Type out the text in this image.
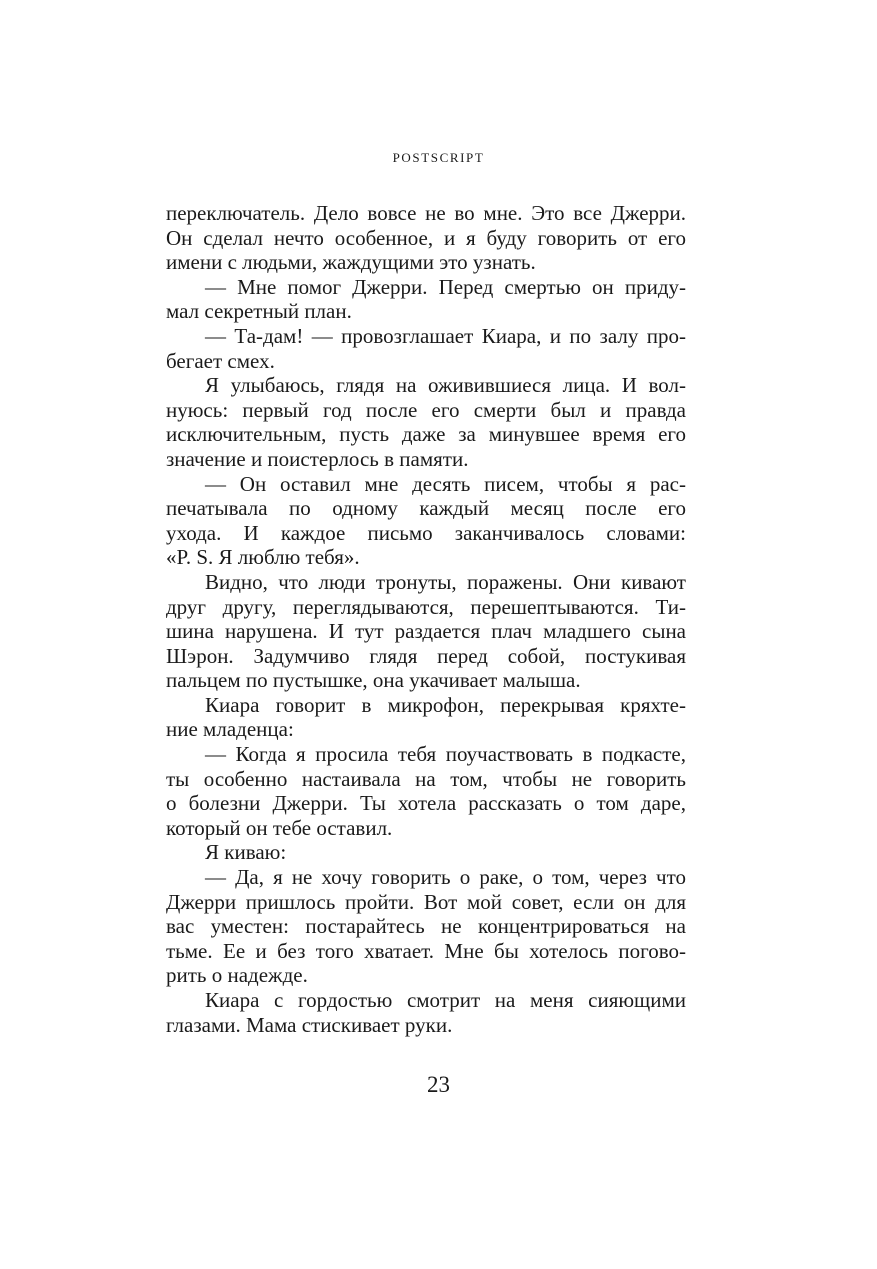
POSTSCRIPT

переключатель. Дело вовсе не во мне. Это все Джерри.
Он сделал нечто особенное, и я буду говорить от его
имени с людьми, жаждущими это узнать.

— Мне помог Джерри. Перед смертью он приду-
мал секретный план.

— Та-дам! — провозглашает Киара, и по залу про-
бегает смех.

Я улыбаюсь, глядя на оживившиеся лица. И вол-
нуюсь: первый год после его смерти был и правда
исключительным, пусть даже за минувшее время его
значение и поистерлось в памяти.

— Он оставил мне десять писем, чтобы я рас-
печатывала по одному каждый месяц после его
ухода. И каждое письмо заканчивалось словами:
«P. S. Я люблю тебя».

Видно, что люди тронуты, поражены. Они кивают
друг другу, переглядываются, перешептываются. Ти-
шина нарушена. И тут раздается плач младшего сына
Шэрон. Задумчиво глядя перед собой, постукивая
пальцем по пустышке, она укачивает малыша.

Киара говорит в микрофон, перекрывая кряхте-
ние младенца:

— Когда я просила тебя поучаствовать в подкасте,
ты особенно настаивала на том, чтобы не говорить
о болезни Джерри. Ты хотела рассказать о том даре,
который он тебе оставил.

Я киваю:

— Да, я не хочу говорить о раке, о том, через что
Джерри пришлось пройти. Вот мой совет, если он для
вас уместен: постарайтесь не концентрироваться на
тьме. Ее и без того хватает. Мне бы хотелось погово-
рить о надежде.

Киара с гордостью смотрит на меня сияющими
глазами. Мама стискивает руки.

23
